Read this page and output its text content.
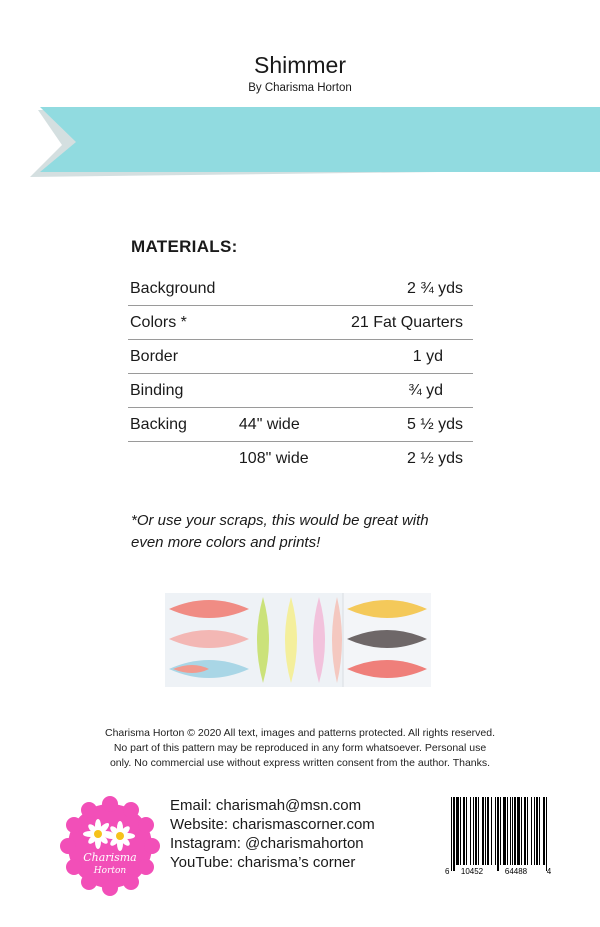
Shimmer
By Charisma Horton
MATERIALS:
Background		2 ¾ yds
Colors *		21 Fat Quarters
Border		1 yd
Binding		¾ yd
Backing	44" wide	5 ½ yds
	108" wide	2 ½ yds
*Or use your scraps, this would be great with
even more colors and prints!
Charisma Horton © 2020 All text, images and patterns protected. All rights reserved.
No part of this pattern may be reproduced in any form whatsoever. Personal use
only. No commercial use without express written consent from the author. Thanks.
Charisma
Horton
Email: charismah@msn.com
Website: charismascorner.com
Instagram: @charismahorton
YouTube: charisma’s corner
6 10452	64488 4
